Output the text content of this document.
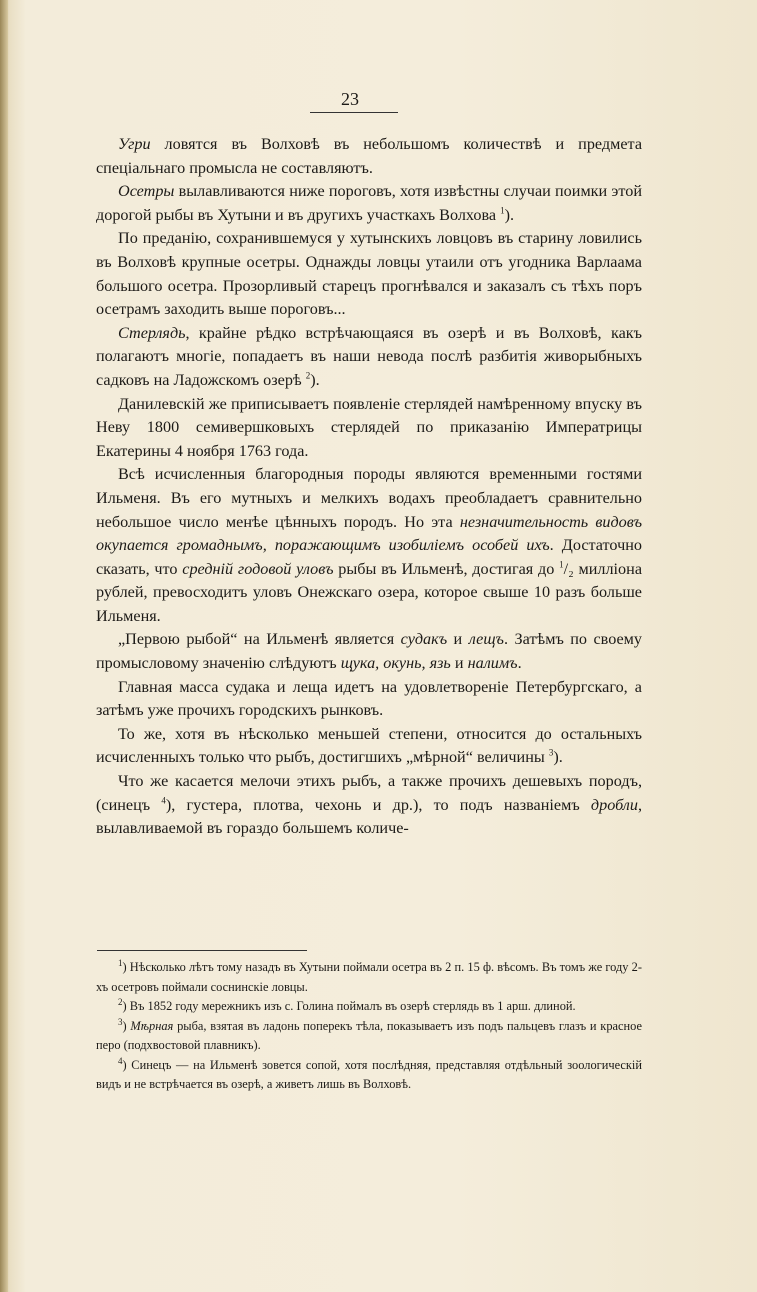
23

Угри ловятся въ Волховѣ въ небольшомъ количествѣ и предмета спеціальнаго промысла не составляютъ.

Осетры вылавливаются ниже пороговъ, хотя извѣстны случаи поимки этой дорогой рыбы въ Хутыни и въ другихъ участкахъ Волхова $^1$).

По преданію, сохранившемуся у хутынскихъ ловцовъ въ старину ловились въ Волховѣ крупные осетры. Однажды ловцы утаили отъ угодника Варлаама большого осетра. Прозорливый старецъ прогнѣвался и заказалъ съ тѣхъ поръ осетрамъ заходить выше пороговъ...

Стерлядь, крайне рѣдко встрѣчающаяся въ озерѣ и въ Волховѣ, какъ полагаютъ многіе, попадаетъ въ наши невода послѣ разбитія живорыбныхъ садковъ на Ладожскомъ озерѣ $^2$).

Данилевскій же приписываетъ появленіе стерлядей намѣренному впуску въ Неву 1800 семивершковыхъ стерлядей по приказанію Императрицы Екатерины 4 ноября 1763 года.

Всѣ исчисленныя благородныя породы являются временными гостями Ильменя. Въ его мутныхъ и мелкихъ водахъ преобладаетъ сравнительно небольшое число менѣе цѣнныхъ породъ. Но эта незначительность видовъ окупается громаднымъ, поражающимъ изобиліемъ особей ихъ. Достаточно сказать, что средній годовой уловъ рыбы въ Ильменѣ, достигая до $^1$/₂ милліона рублей, превосходитъ уловъ Онежскаго озера, которое свыше 10 разъ больше Ильменя.

„Первою рыбой“ на Ильменѣ является судакъ и лещъ. Затѣмъ по своему промысловому значенію слѣдуютъ щука, окунь, язь и налимъ.

Главная масса судака и леща идетъ на удовлетвореніе Петербургскаго, а затѣмъ уже прочихъ городскихъ рынковъ.

То же, хотя въ нѣсколько меньшей степени, относится до остальныхъ исчисленныхъ только что рыбъ, достигшихъ „мѣрной“ величины $^3$).

Что же касается мелочи этихъ рыбъ, а также прочихъ дешевыхъ породъ, (синецъ $^4$), густера, плотва, чехонь и др.), то подъ названіемъ дробли, вылавливаемой въ гораздо большемъ количе-

$^1$) Нѣсколько лѣтъ тому назадъ въ Хутыни поймали осетра въ 2 п. 15 ф. вѣсомъ. Въ томъ же году 2-хъ осетровъ поймали соснинскіе ловцы.

$^2$) Въ 1852 году мережникъ изъ с. Голина поймалъ въ озерѣ стерлядь въ 1 арш. длиной.

$^3$) Мѣрная рыба, взятая въ ладонь поперекъ тѣла, показываетъ изъ подъ пальцевъ глазъ и красное перо (подхвостовой плавникъ).

$^4$) Синецъ — на Ильменѣ зовется сопой, хотя послѣдняя, представляя отдѣльный зоологическій видъ и не встрѣчается въ озерѣ, а живетъ лишь въ Волховѣ.
